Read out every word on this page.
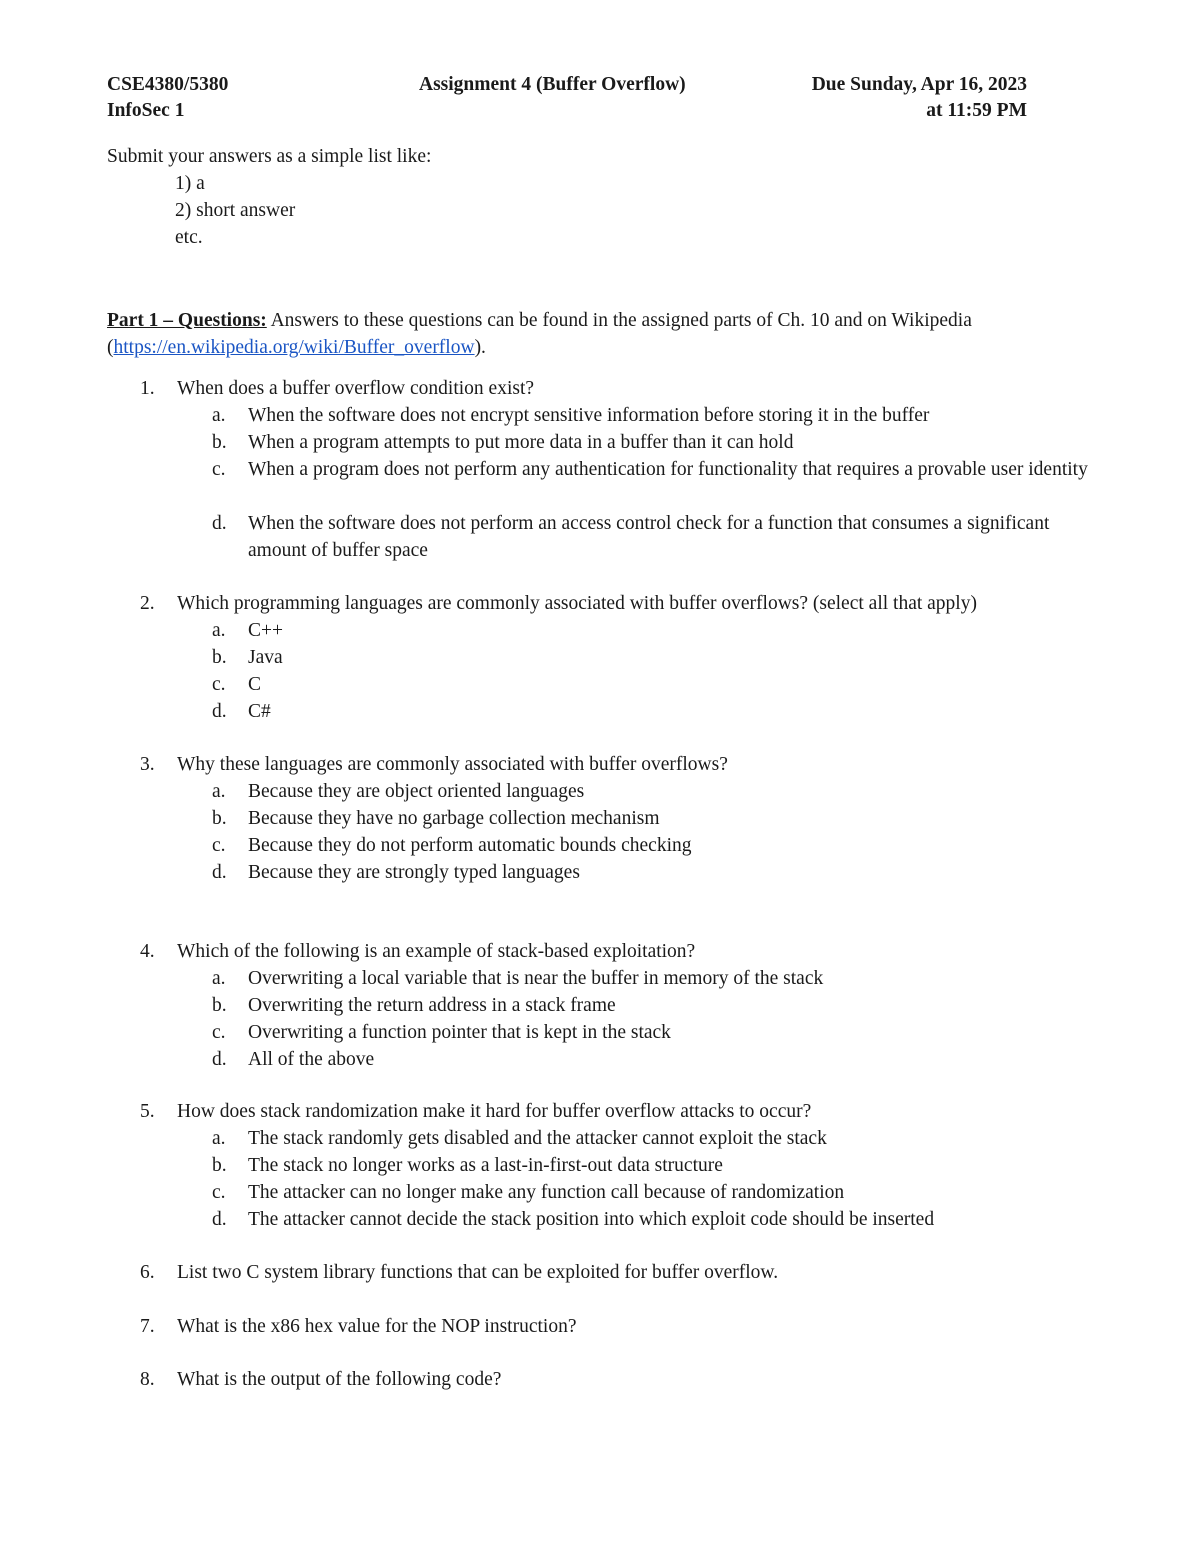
CSE4380/5380
InfoSec 1
Assignment 4 (Buffer Overflow)	Due Sunday, Apr 16, 2023
at 11:59 PM
Submit your answers as a simple list like:
1) a
2) short answer
etc.
Part 1 – Questions: Answers to these questions can be found in the assigned parts of Ch. 10 and on Wikipedia
(https://en.wikipedia.org/wiki/Buffer_overflow).
1.	When does a buffer overflow condition exist?
a. When the software does not encrypt sensitive information before storing it in the buffer
b. When a program attempts to put more data in a buffer than it can hold
c. When a program does not perform any authentication for functionality that requires a provable user identity
d. When the software does not perform an access control check for a function that consumes a significant amount of buffer space
2.	Which programming languages are commonly associated with buffer overflows? (select all that apply)
a. C++
b. Java
c. C
d. C#
3.	Why these languages are commonly associated with buffer overflows?
a. Because they are object oriented languages
b. Because they have no garbage collection mechanism
c. Because they do not perform automatic bounds checking
d. Because they are strongly typed languages
4.	Which of the following is an example of stack-based exploitation?
a. Overwriting a local variable that is near the buffer in memory of the stack
b. Overwriting the return address in a stack frame
c. Overwriting a function pointer that is kept in the stack
d. All of the above
5.	How does stack randomization make it hard for buffer overflow attacks to occur?
a. The stack randomly gets disabled and the attacker cannot exploit the stack
b. The stack no longer works as a last-in-first-out data structure
c. The attacker can no longer make any function call because of randomization
d. The attacker cannot decide the stack position into which exploit code should be inserted
6.	List two C system library functions that can be exploited for buffer overflow.
7.	What is the x86 hex value for the NOP instruction?
8.	What is the output of the following code?
